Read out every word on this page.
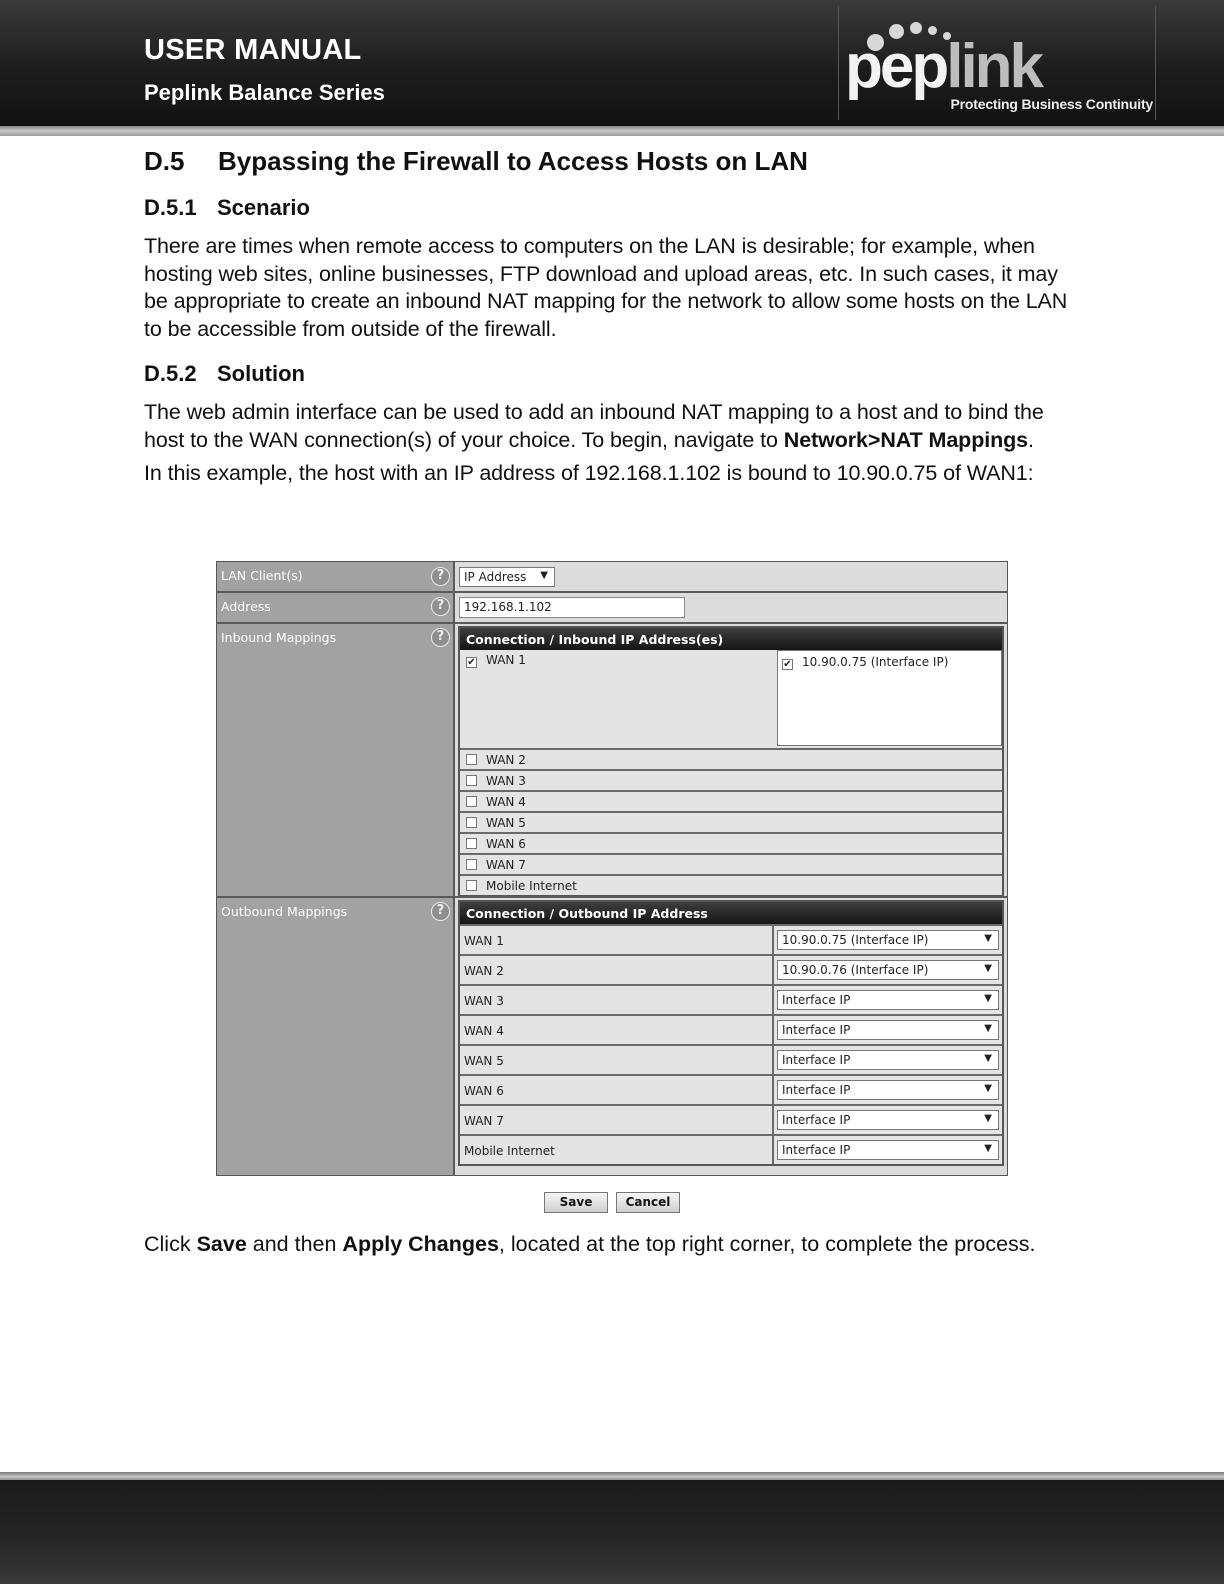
USER MANUAL
Peplink Balance Series	peplink
Protecting Business Continuity
D.5	Bypassing the Firewall to Access Hosts on LAN
D.5.1 Scenario

There are times when remote access to computers on the LAN is desirable; for example, when hosting web sites, online businesses, FTP download and upload areas, etc. In such cases, it may be appropriate to create an inbound NAT mapping for the network to allow some hosts on the LAN to be accessible from outside of the firewall.

D.5.2 Solution

The web admin interface can be used to add an inbound NAT mapping to a host and to bind the host to the WAN connection(s) of your choice. To begin, navigate to Network>NAT Mappings.

In this example, the host with an IP address of 192.168.1.102 is bound to 10.90.0.75 of WAN1:

LAN Client(s)	?	IP Address ▼
Address	?	192.168.1.102
Inbound Mappings	?	Connection / Inbound IP Address(es)
✔ WAN 1	✔ 10.90.0.75 (Interface IP)
WAN 2
WAN 3
WAN 4
WAN 5
WAN 6
WAN 7
Mobile Internet
Outbound Mappings	?	Connection / Outbound IP Address
WAN 1	10.90.0.75 (Interface IP)	▼
WAN 2	10.90.0.76 (Interface IP)	▼
WAN 3	Interface IP	▼
WAN 4	Interface IP	▼
WAN 5	Interface IP	▼
WAN 6	Interface IP	▼
WAN 7	Interface IP	▼
Mobile Internet	Interface IP	▼
Save	Cancel

Click Save and then Apply Changes, located at the top right corner, to complete the process.
